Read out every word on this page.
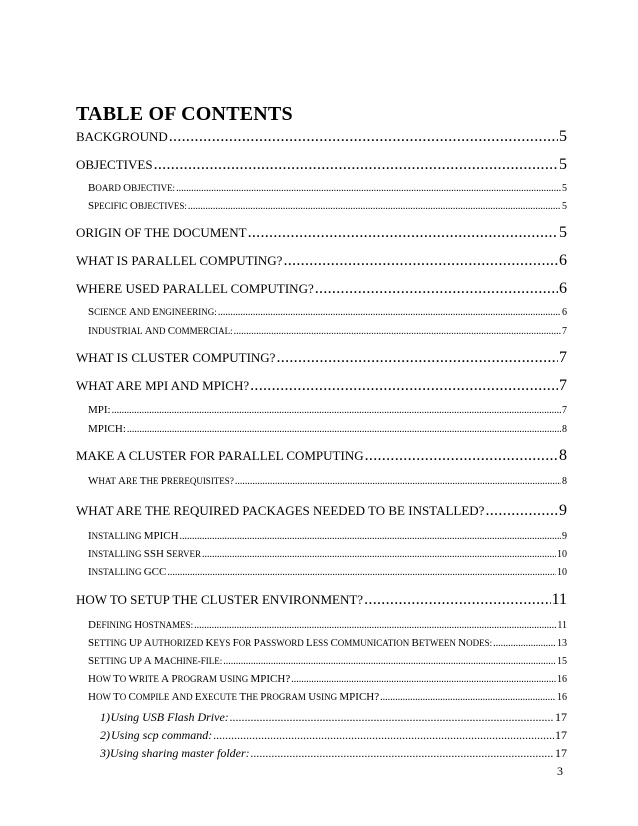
TABLE OF CONTENTS
BACKGROUND .....	5
OBJECTIVES .....	5
BOARD OBJECTIVE: .....	5
SPECIFIC OBJECTIVES: .....	5
ORIGIN OF THE DOCUMENT .....	5
WHAT IS PARALLEL COMPUTING? .....	6
WHERE USED PARALLEL COMPUTING? .....	6
SCIENCE AND ENGINEERING: .....	6
INDUSTRIAL AND COMMERCIAL: .....	7
WHAT IS CLUSTER COMPUTING? .....	7
WHAT ARE MPI AND MPICH? .....	7
MPI: .....	7
MPICH: .....	8
MAKE A CLUSTER FOR PARALLEL COMPUTING .....	8
WHAT ARE THE PREREQUISITES? .....	8
WHAT ARE THE REQUIRED PACKAGES NEEDED TO BE INSTALLED? .....	9
INSTALLING MPICH .....	9
INSTALLING SSH SERVER .....	10
INSTALLING GCC .....	10
HOW TO SETUP THE CLUSTER ENVIRONMENT? .....	11
DEFINING HOSTNAMES: .....	11
SETTING UP AUTHORIZED KEYS FOR PASSWORD LESS COMMUNICATION BETWEEN NODES: .....	13
SETTING UP A MACHINE-FILE: .....	15
HOW TO WRITE A PROGRAM USING MPICH? .....	16
HOW TO COMPILE AND EXECUTE THE PROGRAM USING MPICH? .....	16
1) Using USB Flash Drive: .....	17
2) Using scp command: .....	17
3) Using sharing master folder: .....	17
3
